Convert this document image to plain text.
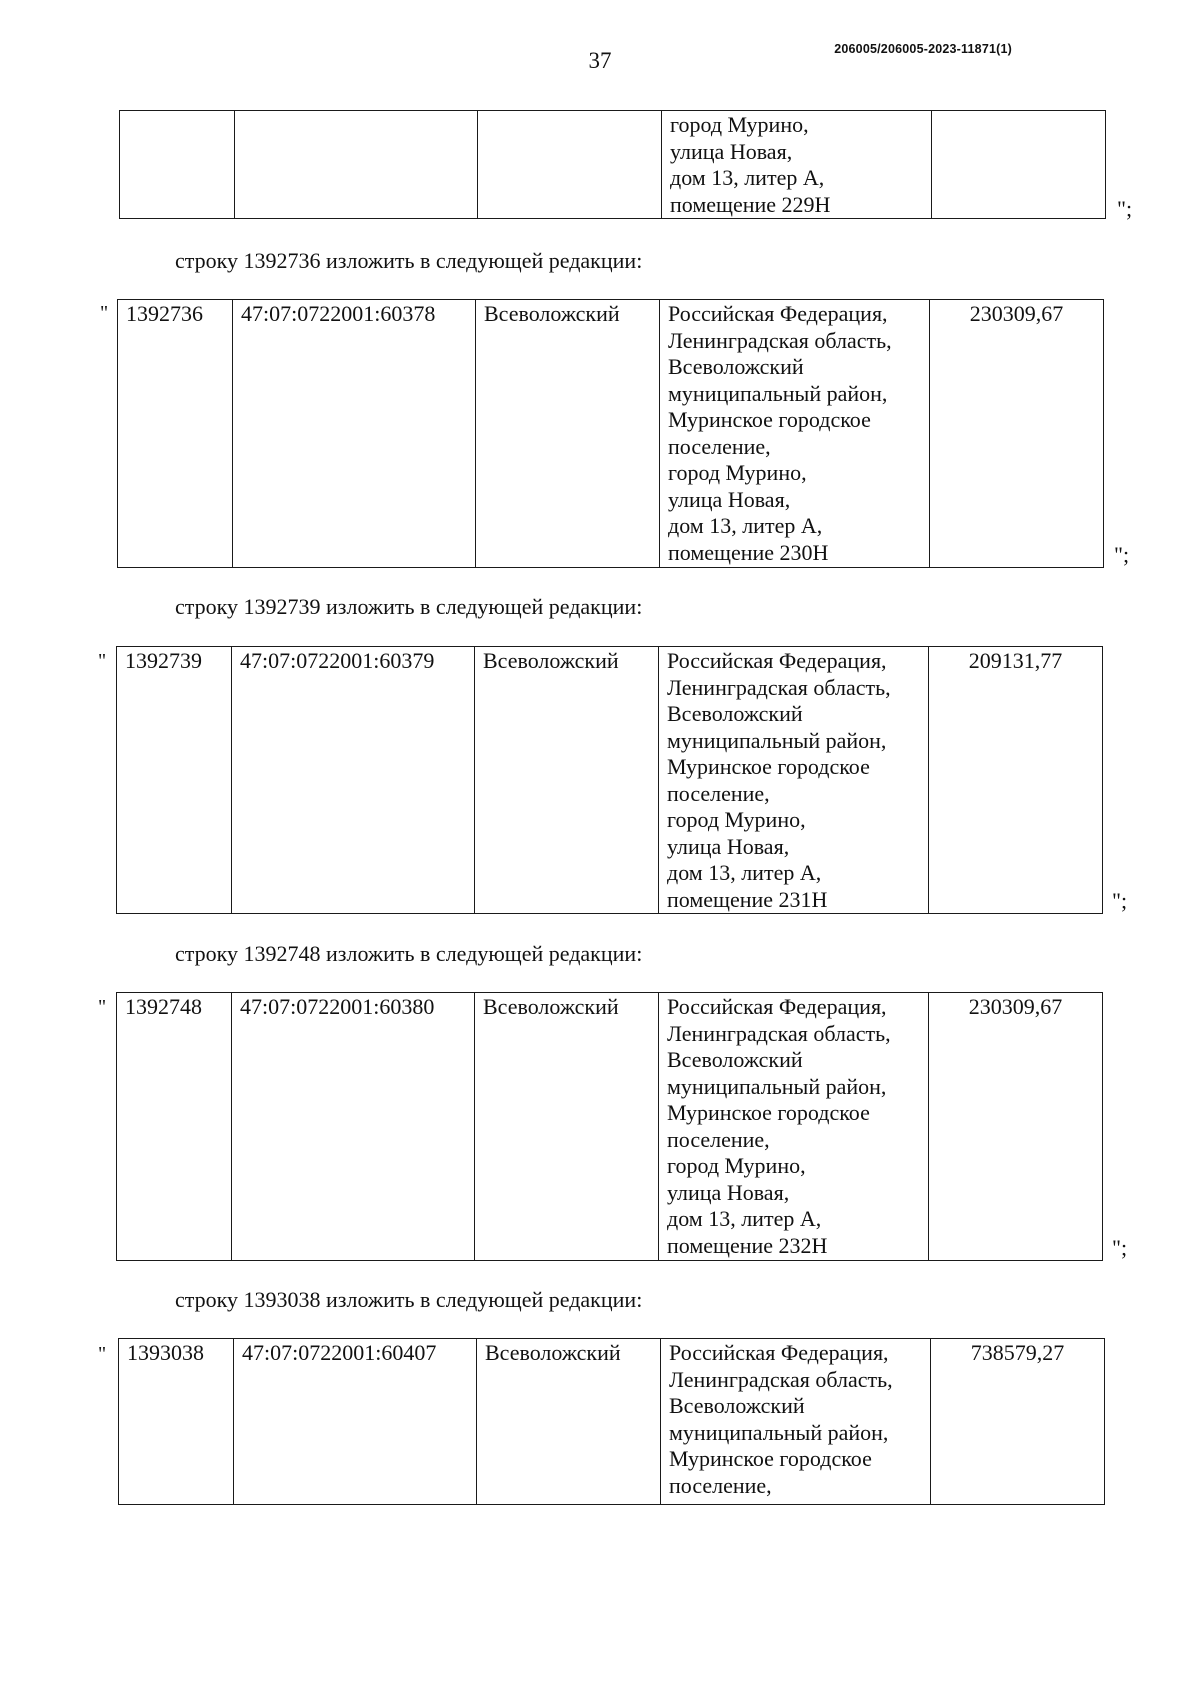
37	206005/206005-2023-11871(1)

город Мурино,
улица Новая,
дом 13, литер А,
помещение 229Н
		";
строку 1392736 изложить в следующей редакции:
" 1392736	47:07:0722001:60378	Всеволожский	Российская Федерация,
Ленинградская область,
Всеволожский
муниципальный район,
Муринское городское
поселение,
город Мурино,
улица Новая,
дом 13, литер А,
помещение 230Н
	230309,67
";
строку 1392739 изложить в следующей редакции:
" 1392739	47:07:0722001:60379	Всеволожский	Российская Федерация,
Ленинградская область,
Всеволожский
муниципальный район,
Муринское городское
поселение,
город Мурино,
улица Новая,
дом 13, литер А,
помещение 231Н
	209131,77
";
строку 1392748 изложить в следующей редакции:
" 1392748	47:07:0722001:60380	Всеволожский	Российская Федерация,
Ленинградская область,
Всеволожский
муниципальный район,
Муринское городское
поселение,
город Мурино,
улица Новая,
дом 13, литер А,
помещение 232Н
	230309,67
";
строку 1393038 изложить в следующей редакции:
" 1393038	47:07:0722001:60407	Всеволожский	Российская Федерация,
Ленинградская область,
Всеволожский
муниципальный район,
Муринское городское
поселение,
	738579,27
